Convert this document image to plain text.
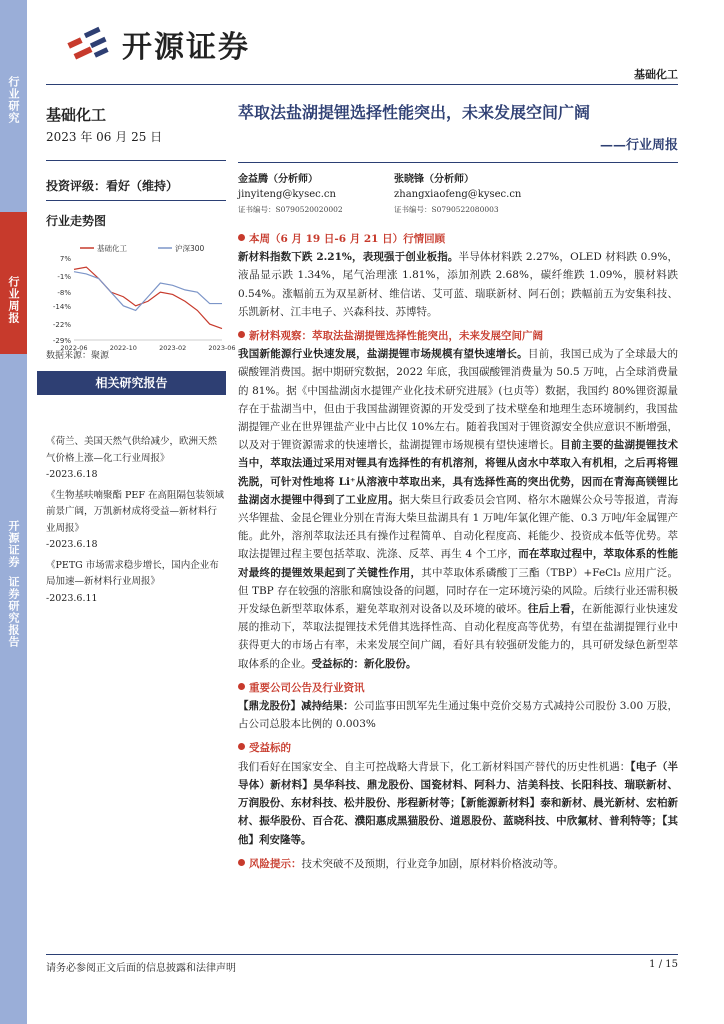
行业研究
行业周报
开源证券
证券研究报告
开源证券
基础化工
基础化工
2023 年 06 月 25 日
投资评级：看好（维持）
行业走势图
7%
-1%
-8%
-14%
-22%
-29%
2022-06	2022-10	2023-02	2023-06
基础化工	沪深300
数据来源：聚源
相关研究报告
《荷兰、美国天然气供给减少，欧洲天然气价格上涨—化工行业周报》
-2023.6.18
《生物基呋喃聚酯 PEF 在高阻隔包装领域前景广阔，万凯新材成将受益—新材料行业周报》
-2023.6.18
《PETG 市场需求稳步增长，国内企业布局加速—新材料行业周报》
-2023.6.11
萃取法盐湖提锂选择性能突出，未来发展空间广阔
——行业周报
金益腾（分析师）
jinyiteng@kysec.cn
证书编号：S0790520020002
张晓锋（分析师）
zhangxiaofeng@kysec.cn
证书编号：S0790522080003

本周（6 月 19 日-6 月 21 日）行情回顾
新材料指数下跌 2.21%，表现强于创业板指。半导体材料跌 2.27%，OLED 材料跌 0.9%，液晶显示跌 1.34%，尾气治理涨 1.81%，添加剂跌 2.68%，碳纤维跌 1.09%，膜材料跌 0.54%。涨幅前五为双星新材、维信诺、艾可蓝、瑞联新材、阿石创；跌幅前五为安集科技、乐凯新材、江丰电子、兴森科技、苏博特。

新材料观察：萃取法盐湖提锂选择性能突出，未来发展空间广阔
我国新能源行业快速发展，盐湖提锂市场规模有望快速增长。目前，我国已成为了全球最大的碳酸锂消费国。据中期研究数据，2022 年底，我国碳酸锂消费量为 50.5 万吨，占全球消费量的 81%。据《中国盐湖卤水提锂产业化技术研究进展》(乜贞等）数据，我国约 80%锂资源量存在于盐湖当中，但由于我国盐湖锂资源的开发受到了技术壁垒和地理生态环境制约，我国盐湖提锂产业在世界锂盐产业中占比仅 10%左右。随着我国对于锂资源安全供应意识不断增强，以及对于锂资源需求的快速增长，盐湖提锂市场规模有望快速增长。目前主要的盐湖提锂技术当中，萃取法通过采用对锂具有选择性的有机溶剂，将锂从卤水中萃取入有机相，之后再将锂洗脱，可针对性地将 Li⁺从溶液中萃取出来，具有选择性高的突出优势，因而在青海高镁锂比盐湖卤水提锂中得到了工业应用。据大柴旦行政委员会官网、格尔木融媒公众号等报道，青海兴华锂盐、金昆仑锂业分别在青海大柴旦盐湖具有 1 万吨/年氯化锂产能、0.3 万吨/年金属锂产能。此外，溶剂萃取法还具有操作过程简单、自动化程度高、耗能少、投资成本低等优势。萃取法提锂过程主要包括萃取、洗涤、反萃、再生 4 个工序，而在萃取过程中，萃取体系的性能对最终的提锂效果起到了关键性作用，其中萃取体系磷酸丁三酯（TBP）+FeCl₃ 应用广泛。但 TBP 存在较强的溶胀和腐蚀设备的问题，同时存在一定环境污染的风险。后续行业还需积极开发绿色新型萃取体系，避免萃取剂对设备以及环境的破坏。往后上看，在新能源行业快速发展的推动下，萃取法提锂技术凭借其选择性高、自动化程度高等优势，有望在盐湖提锂行业中获得更大的市场占有率，未来发展空间广阔，看好具有较强研发能力的，具可研发绿色新型萃取体系的企业。受益标的：新化股份。

重要公司公告及行业资讯
【鼎龙股份】减持结果：公司监事田凯军先生通过集中竞价交易方式减持公司股份 3.00 万股，占公司总股本比例的 0.003%

受益标的
我们看好在国家安全、自主可控战略大背景下，化工新材料国产替代的历史性机遇：【电子（半导体）新材料】昊华科技、鼎龙股份、国瓷材料、阿科力、洁美科技、长阳科技、瑞联新材、万润股份、东材科技、松井股份、彤程新材等；【新能源新材料】泰和新材、晨光新材、宏柏新材、振华股份、百合花、濮阳惠成黑猫股份、道恩股份、蓝晓科技、中欣氟材、普利特等；【其他】利安隆等。

风险提示：技术突破不及预期，行业竞争加剧，原材料价格波动等。

请务必参阅正文后面的信息披露和法律声明	1 / 15
